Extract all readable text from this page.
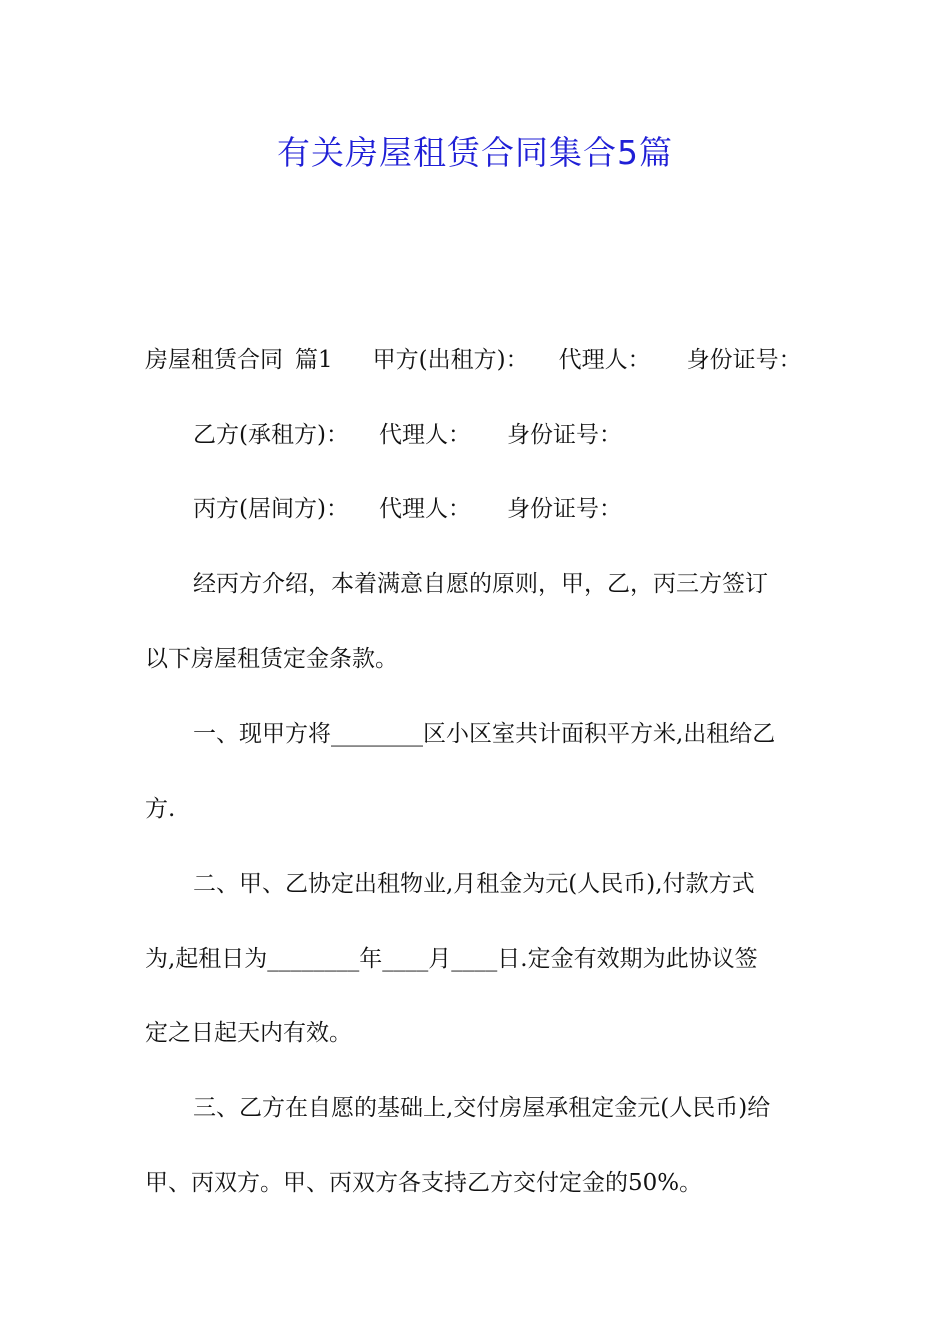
有关房屋租赁合同集合5篇
房屋租赁合同 篇1 甲方(出租方)： 代理人： 身份证号：
乙方(承租方)： 代理人： 身份证号：
丙方(居间方)： 代理人： 身份证号：

经丙方介绍，本着满意自愿的原则，甲，乙，丙三方签订

以下房屋租赁定金条款。

一、现甲方将________区小区室共计面积平方米,出租给乙

方.

二、甲、乙协定出租物业,月租金为元(人民币),付款方式

为,起租日为________年____月____日.定金有效期为此协议签

定之日起天内有效。

三、乙方在自愿的基础上,交付房屋承租定金元(人民币)给

甲、丙双方。甲、丙双方各支持乙方交付定金的50%。
